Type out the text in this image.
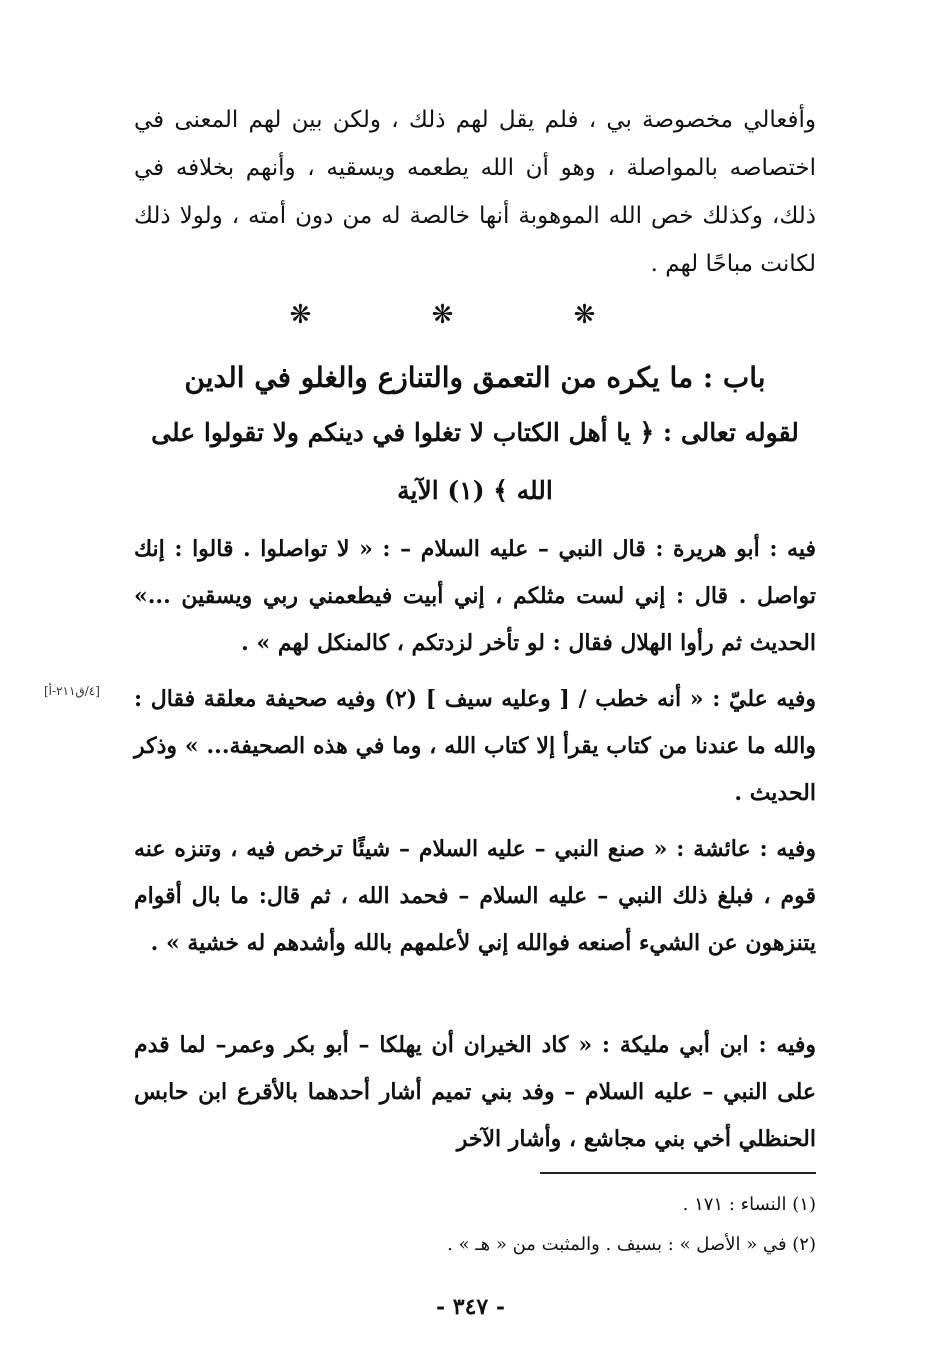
وأفعالي مخصوصة بي ، فلم يقل لهم ذلك ، ولكن بين لهم المعنى في اختصاصه بالمواصلة ، وهو أن الله يطعمه ويسقيه ، وأنهم بخلافه في ذلك، وكذلك خص الله الموهوبة أنها خالصة له من دون أمته ، ولولا ذلك لكانت مباحًا لهم .

❋ ❋ ❋
باب : ما يكره من التعمق والتنازع والغلو في الدين
لقوله تعالى : ﴿ يا أهل الكتاب لا تغلوا في دينكم ولا تقولوا على الله ﴾ (١) الآية

فيه : أبو هريرة : قال النبي – عليه السلام – : « لا تواصلوا . قالوا : إنك تواصل . قال : إني لست مثلكم ، إني أبيت فيطعمني ربي ويسقين ...» الحديث ثم رأوا الهلال فقال : لو تأخر لزدتكم ، كالمنكل لهم » .

وفيه عليّ : « أنه خطب / [ وعليه سيف ] (٢) وفيه صحيفة معلقة فقال : والله ما عندنا من كتاب يقرأ إلا كتاب الله ، وما في هذه الصحيفة... » وذكر الحديث .

[٤/ق٢١١-أ]

وفيه : عائشة : « صنع النبي – عليه السلام – شيئًا ترخص فيه ، وتنزه عنه قوم ، فبلغ ذلك النبي – عليه السلام – فحمد الله ، ثم قال: ما بال أقوام يتنزهون عن الشيء أصنعه فوالله إني لأعلمهم بالله وأشدهم له خشية » .

وفيه : ابن أبي مليكة : « كاد الخيران أن يهلكا – أبو بكر وعمر– لما قدم على النبي – عليه السلام – وفد بني تميم أشار أحدهما بالأقرع ابن حابس الحنظلي أخي بني مجاشع ، وأشار الآخر

(١) النساء : ١٧١ .
(٢) في « الأصل » : بسيف . والمثبت من « هـ » .
- ٣٤٧ -
